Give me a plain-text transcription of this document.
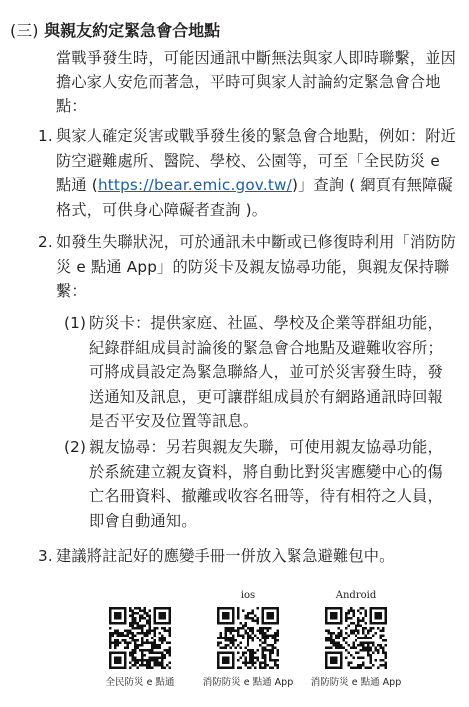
(三) 與親友約定緊急會合地點
當戰爭發生時，可能因通訊中斷無法與家人即時聯繫，並因擔心家人安危而著急，平時可與家人討論約定緊急會合地點：
1. 與家人確定災害或戰爭發生後的緊急會合地點，例如：附近防空避難處所、醫院、學校、公園等，可至「全民防災 e 點通 (https://bear.emic.gov.tw/)」查詢 ( 網頁有無障礙格式，可供身心障礙者查詢 )。
2. 如發生失聯狀況，可於通訊未中斷或已修復時利用「消防防災 e 點通 App」的防災卡及親友協尋功能，與親友保持聯繫：
(1) 防災卡：提供家庭、社區、學校及企業等群組功能，紀錄群組成員討論後的緊急會合地點及避難收容所；可將成員設定為緊急聯絡人，並可於災害發生時，發送通知及訊息，更可讓群組成員於有網路通訊時回報是否平安及位置等訊息。
(2) 親友協尋：另若與親友失聯，可使用親友協尋功能，於系統建立親友資料，將自動比對災害應變中心的傷亡名冊資料、撤離或收容名冊等，待有相符之人員，即會自動通知。
3. 建議將註記好的應變手冊一併放入緊急避難包中。
全民防災 e 點通
ios
消防防災 e 點通 App
Android
消防防災 e 點通 App
